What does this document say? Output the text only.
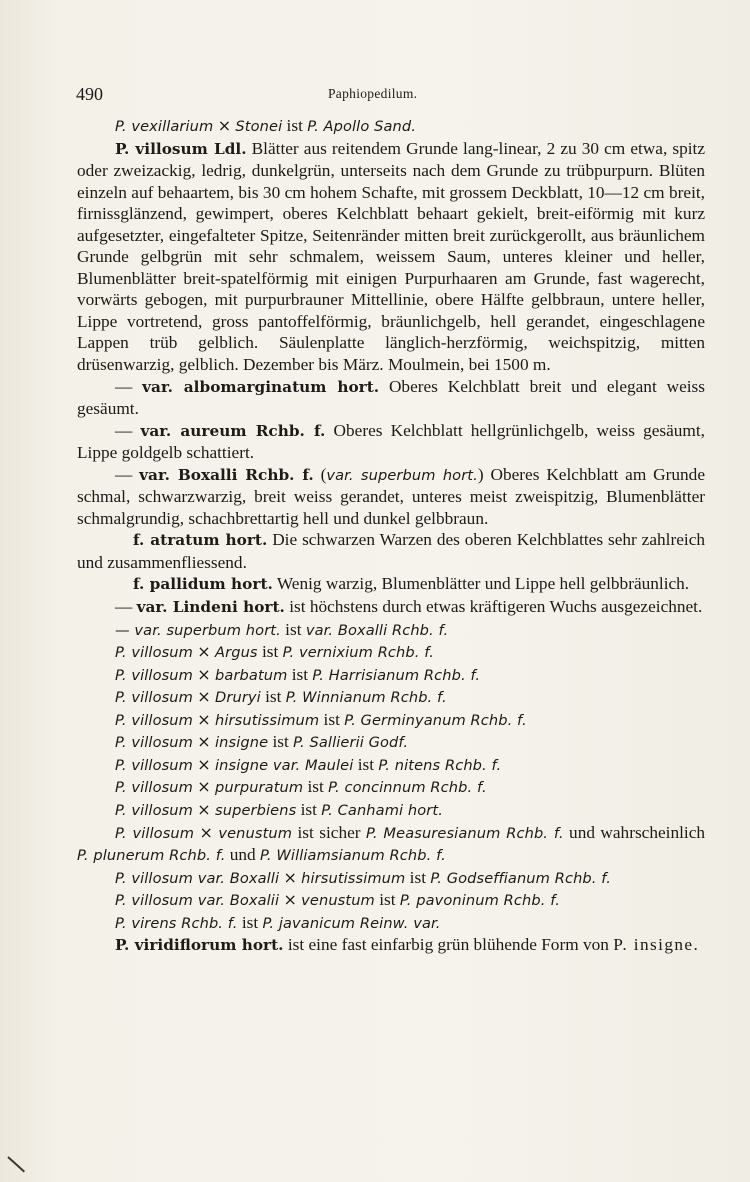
490	Paphiopedilum.

P. vexillarium × Stonei ist P. Apollo Sand.

P. villosum Ldl. Blätter aus reitendem Grunde lang-linear, 2 zu 30 cm etwa, spitz oder zweizackig, ledrig, dunkelgrün, unterseits nach dem Grunde zu trübpurpurn. Blüten einzeln auf behaartem, bis 30 cm hohem Schafte, mit grossem Deckblatt, 10—12 cm breit, firnissglänzend, gewimpert, oberes Kelchblatt behaart gekielt, breit-eiförmig mit kurz aufgesetzter, eingefalteter Spitze, Seitenränder mitten breit zurückgerollt, aus bräunlichem Grunde gelbgrün mit sehr schmalem, weissem Saum, unteres kleiner und heller, Blumenblätter breit-spatelförmig mit einigen Purpurhaaren am Grunde, fast wagerecht, vorwärts gebogen, mit purpurbrauner Mittellinie, obere Hälfte gelbbraun, untere heller, Lippe vortretend, gross pantoffelförmig, bräunlichgelb, hell gerandet, eingeschlagene Lappen trüb gelblich. Säulenplatte länglich-herzförmig, weichspitzig, mitten drüsenwarzig, gelblich. Dezember bis März. Moulmein, bei 1500 m.

— var. albomarginatum hort. Oberes Kelchblatt breit und elegant weiss gesäumt.

— var. aureum Rchb. f. Oberes Kelchblatt hellgrünlichgelb, weiss gesäumt, Lippe goldgelb schattiert.

— var. Boxalli Rchb. f. (var. superbum hort.) Oberes Kelchblatt am Grunde schmal, schwarzwarzig, breit weiss gerandet, unteres meist zweispitzig, Blumenblätter schmalgrundig, schachbrettartig hell und dunkel gelbbraun.

f. atratum hort. Die schwarzen Warzen des oberen Kelchblattes sehr zahlreich und zusammenfliessend.

f. pallidum hort. Wenig warzig, Blumenblätter und Lippe hell gelbbräunlich.

— var. Lindeni hort. ist höchstens durch etwas kräftigeren Wuchs ausgezeichnet.

— var. superbum hort. ist var. Boxalli Rchb. f.

P. villosum × Argus ist P. vernixium Rchb. f.

P. villosum × barbatum ist P. Harrisianum Rchb. f.

P. villosum × Druryi ist P. Winnianum Rchb. f.

P. villosum × hirsutissimum ist P. Germinyanum Rchb. f.

P. villosum × insigne ist P. Sallierii Godf.

P. villosum × insigne var. Maulei ist P. nitens Rchb. f.

P. villosum × purpuratum ist P. concinnum Rchb. f.

P. villosum × superbiens ist P. Canhami hort.

P. villosum × venustum ist sicher P. Measuresianum Rchb. f. und wahrscheinlich P. plunerum Rchb. f. und P. Williamsianum Rchb. f.

P. villosum var. Boxalli × hirsutissimum ist P. Godseffianum Rchb. f.

P. villosum var. Boxalii × venustum ist P. pavoninum Rchb. f.

P. virens Rchb. f. ist P. javanicum Reinw. var.

P. viridiflorum hort. ist eine fast einfarbig grün blühende Form von P. insigne.
